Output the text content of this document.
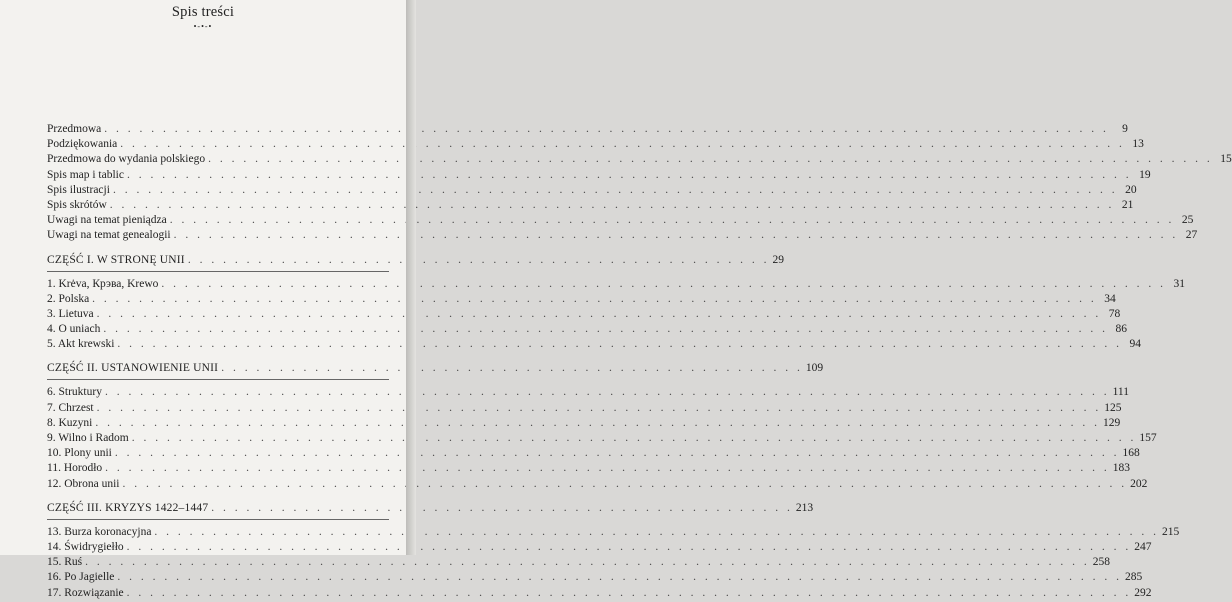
Spis treści
•-•-•
Przedmowa . . .	9
Podziękowania . . .	13
Przedmowa do wydania polskiego . . .	15
Spis map i tablic . . .	19
Spis ilustracji . . .	20
Spis skrótów . . .	21
Uwagi na temat pieniądza . . .	25
Uwagi na temat genealogii . . .	27
CZĘŚĆ I. W STRONĘ UNII . . .	29
1. Krėva, Крэва, Krewo . . .	31
2. Polska . . .	34
3. Lietuva . . .	78
4. O uniach . . .	86
5. Akt krewski . . .	94
CZĘŚĆ II. USTANOWIENIE UNII . . .	109
6. Struktury . . .	111
7. Chrzest . . .	125
8. Kuzyni . . .	129
9. Wilno i Radom . . .	157
10. Plony unii . . .	168
11. Horodło . . .	183
12. Obrona unii . . .	202
CZĘŚĆ III. KRYZYS 1422–1447 . . .	213
13. Burza koronacyjna . . .	215
14. Świdrygiełło . . .	247
15. Ruś . . .	258
16. Po Jagielle . . .	285
17. Rozwiązanie . . .	292
